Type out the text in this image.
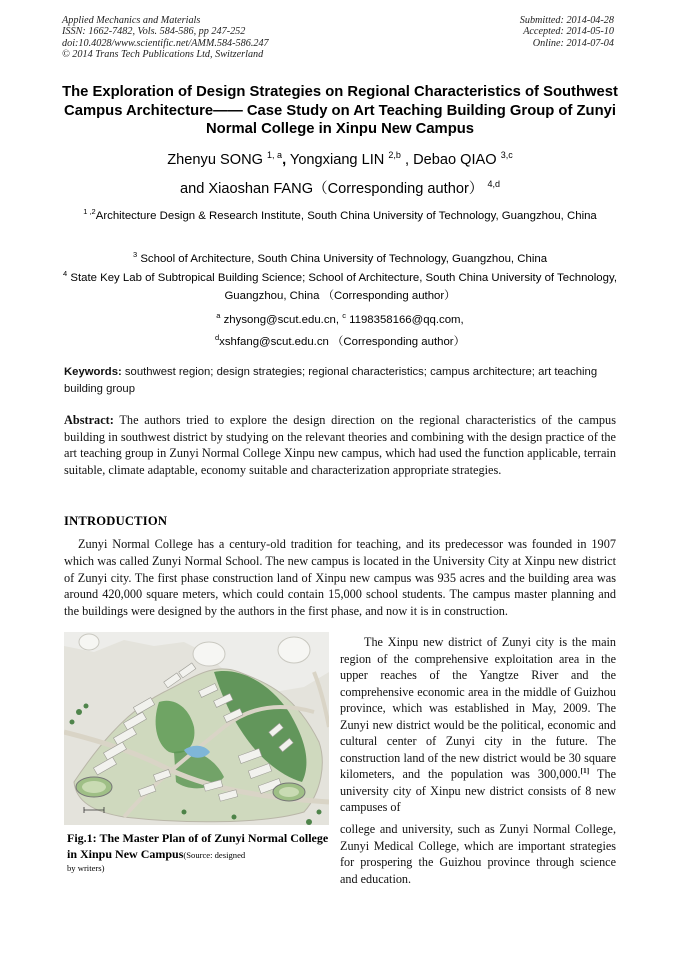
Applied Mechanics and Materials
ISSN: 1662-7482, Vols. 584-586, pp 247-252
doi:10.4028/www.scientific.net/AMM.584-586.247
© 2014 Trans Tech Publications Ltd, Switzerland
Submitted: 2014-04-28
Accepted: 2014-05-10
Online: 2014-07-04
The Exploration of Design Strategies on Regional Characteristics of Southwest Campus Architecture—— Case Study on Art Teaching Building Group of Zunyi Normal College in Xinpu New Campus
Zhenyu SONG $^{1, a}$, Yongxiang LIN $^{2,b}$ , Debao QIAO $^{3,c}$
and Xiaoshan FANG（Corresponding author） $^{4,d}$
$^{1 ,2}$Architecture Design & Research Institute, South China University of Technology, Guangzhou, China
$^3$ School of Architecture, South China University of Technology, Guangzhou, China
$^4$ State Key Lab of Subtropical Building Science; School of Architecture, South China University of Technology, Guangzhou, China （Corresponding author）
$^a$ zhysong@scut.edu.cn, $^c$ 1198358166@qq.com,
$^d$xshfang@scut.edu.cn （Corresponding author）
Keywords: southwest region; design strategies; regional characteristics; campus architecture; art teaching building group
Abstract: The authors tried to explore the design direction on the regional characteristics of the campus building in southwest district by studying on the relevant theories and combining with the design practice of the art teaching group in Zunyi Normal College Xinpu new campus, which had used the function applicable, terrain suitable, climate adaptable, economy suitable and characterization appropriate strategies.
INTRODUCTION
Zunyi Normal College has a century-old tradition for teaching, and its predecessor was founded in 1907 which was called Zunyi Normal School. The new campus is located in the University City at Xinpu new district of Zunyi city. The first phase construction land of Xinpu new campus was 935 acres and the building area was around 420,000 square meters, which could contain 15,000 school students. The campus master planning and the buildings were designed by the authors in the first phase, and now it is in construction.
Fig.1: The Master Plan of of Zunyi Normal College in Xinpu New Campus(Source: designed
by writers)
The Xinpu new district of Zunyi city is the main region of the comprehensive exploitation area in the upper reaches of the Yangtze River and the comprehensive economic area in the middle of Guizhou province, which was established in May, 2009. The Zunyi new district would be the political, economic and cultural center of Zunyi city in the future. The construction land of the new district would be 30 square kilometers, and the population was 300,000.[1] The university city of Xinpu new district consists of 8 new campuses of
college and university, such as Zunyi Normal College, Zunyi Medical College, which are important strategies for prospering the Guizhou province through science and education.
